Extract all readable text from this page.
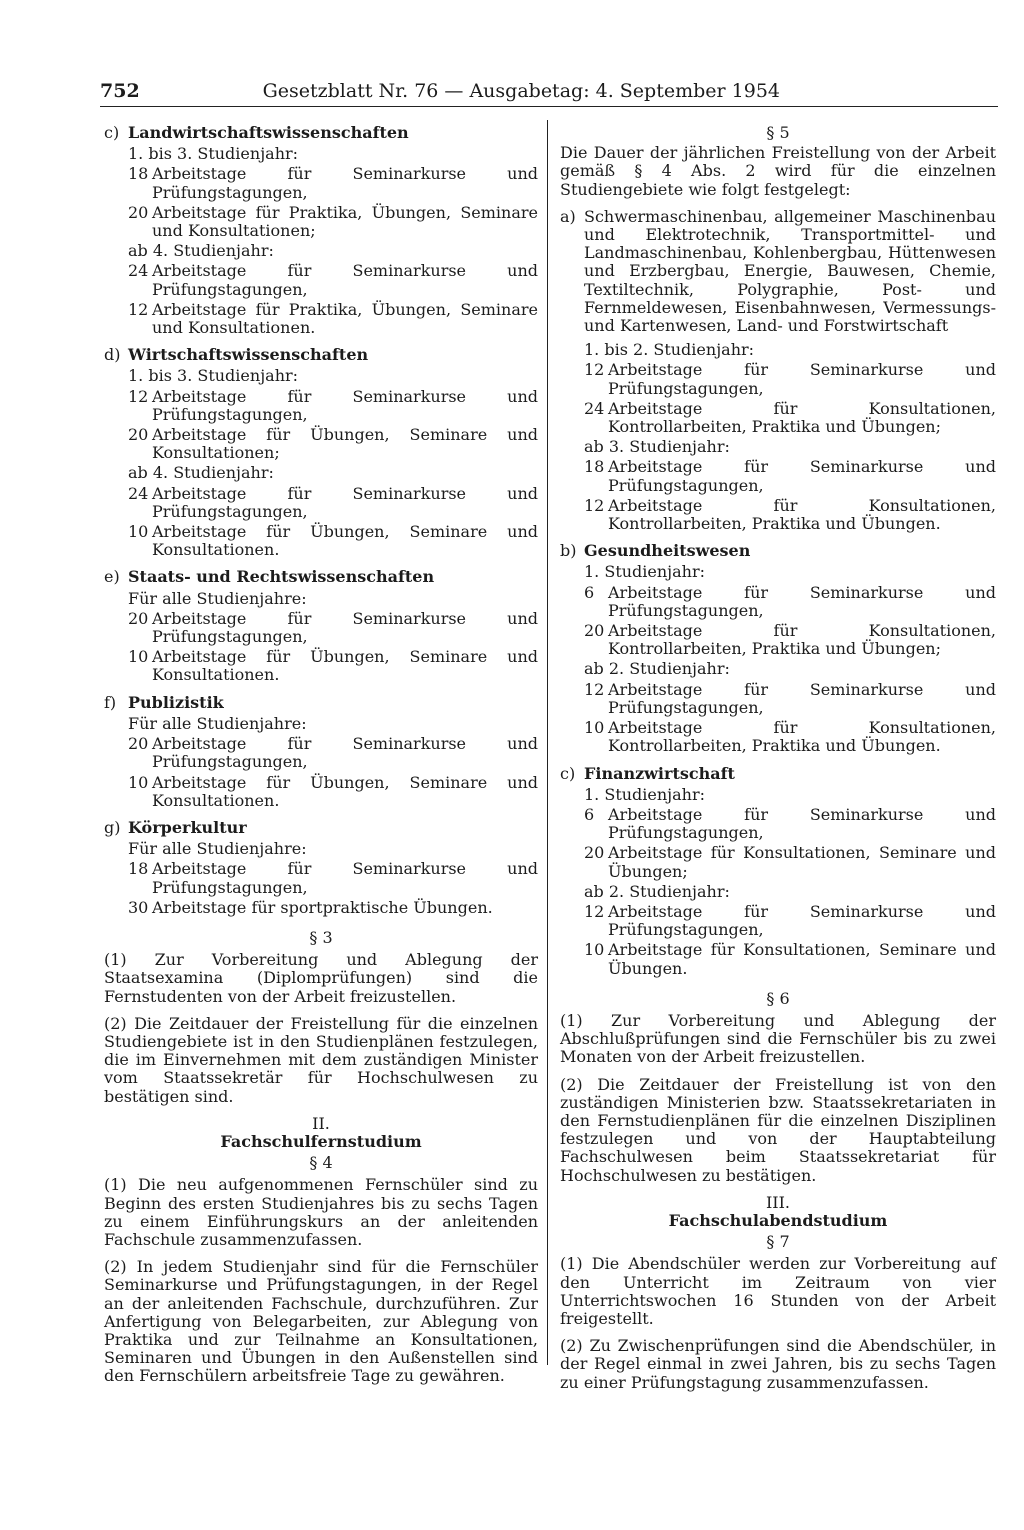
752	Gesetzblatt Nr. 76 — Ausgabetag: 4. September 1954
c) Landwirtschaftswissenschaften
1. bis 3. Studienjahr:
18 Arbeitstage für Seminarkurse und Prüfungstagungen,
20 Arbeitstage für Praktika, Übungen, Seminare und Konsultationen;
ab 4. Studienjahr:
24 Arbeitstage für Seminarkurse und Prüfungstagungen,
12 Arbeitstage für Praktika, Übungen, Seminare und Konsultationen.
d) Wirtschaftswissenschaften
1. bis 3. Studienjahr:
12 Arbeitstage für Seminarkurse und Prüfungstagungen,
20 Arbeitstage für Übungen, Seminare und Konsultationen;
ab 4. Studienjahr:
24 Arbeitstage für Seminarkurse und Prüfungstagungen,
10 Arbeitstage für Übungen, Seminare und Konsultationen.
e) Staats- und Rechtswissenschaften
Für alle Studienjahre:
20 Arbeitstage für Seminarkurse und Prüfungstagungen,
10 Arbeitstage für Übungen, Seminare und Konsultationen.
f) Publizistik
Für alle Studienjahre:
20 Arbeitstage für Seminarkurse und Prüfungstagungen,
10 Arbeitstage für Übungen, Seminare und Konsultationen.
g) Körperkultur
Für alle Studienjahre:
18 Arbeitstage für Seminarkurse und Prüfungstagungen,
30 Arbeitstage für sportpraktische Übungen.
§ 3

(1) Zur Vorbereitung und Ablegung der Staatsexamina (Diplomprüfungen) sind die Fernstudenten von der Arbeit freizustellen.

(2) Die Zeitdauer der Freistellung für die einzelnen Studiengebiete ist in den Studienplänen festzulegen, die im Einvernehmen mit dem zuständigen Minister vom Staatssekretär für Hochschulwesen zu bestätigen sind.

II.
Fachschulfernstudium
§ 4

(1) Die neu aufgenommenen Fernschüler sind zu Beginn des ersten Studienjahres bis zu sechs Tagen zu einem Einführungskurs an der anleitenden Fachschule zusammenzufassen.

(2) In jedem Studienjahr sind für die Fernschüler Seminarkurse und Prüfungstagungen, in der Regel an der anleitenden Fachschule, durchzuführen. Zur Anfertigung von Belegarbeiten, zur Ablegung von Praktika und zur Teilnahme an Konsultationen, Seminaren und Übungen in den Außenstellen sind den Fernschülern arbeitsfreie Tage zu gewähren.

§ 5

Die Dauer der jährlichen Freistellung von der Arbeit gemäß § 4 Abs. 2 wird für die einzelnen Studiengebiete wie folgt festgelegt:

a) Schwermaschinenbau, allgemeiner Maschinenbau und Elektrotechnik, Transportmittel- und Landmaschinenbau, Kohlenbergbau, Hüttenwesen und Erzbergbau, Energie, Bauwesen, Chemie, Textiltechnik, Polygraphie, Post- und Fernmeldewesen, Eisenbahnwesen, Vermessungs- und Kartenwesen, Land- und Forstwirtschaft
1. bis 2. Studienjahr:
12 Arbeitstage für Seminarkurse und Prüfungstagungen,
24 Arbeitstage für Konsultationen, Kontrollarbeiten, Praktika und Übungen;
ab 3. Studienjahr:
18 Arbeitstage für Seminarkurse und Prüfungstagungen,
12 Arbeitstage für Konsultationen, Kontrollarbeiten, Praktika und Übungen.
b) Gesundheitswesen
1. Studienjahr:
6 Arbeitstage für Seminarkurse und Prüfungstagungen,
20 Arbeitstage für Konsultationen, Kontrollarbeiten, Praktika und Übungen;
ab 2. Studienjahr:
12 Arbeitstage für Seminarkurse und Prüfungstagungen,
10 Arbeitstage für Konsultationen, Kontrollarbeiten, Praktika und Übungen.
c) Finanzwirtschaft
1. Studienjahr:
6 Arbeitstage für Seminarkurse und Prüfungstagungen,
20 Arbeitstage für Konsultationen, Seminare und Übungen;
ab 2. Studienjahr:
12 Arbeitstage für Seminarkurse und Prüfungstagungen,
10 Arbeitstage für Konsultationen, Seminare und Übungen.
§ 6

(1) Zur Vorbereitung und Ablegung der Abschlußprüfungen sind die Fernschüler bis zu zwei Monaten von der Arbeit freizustellen.

(2) Die Zeitdauer der Freistellung ist von den zuständigen Ministerien bzw. Staatssekretariaten in den Fernstudienplänen für die einzelnen Disziplinen festzulegen und von der Hauptabteilung Fachschulwesen beim Staatssekretariat für Hochschulwesen zu bestätigen.

III.
Fachschulabendstudium
§ 7

(1) Die Abendschüler werden zur Vorbereitung auf den Unterricht im Zeitraum von vier Unterrichtswochen 16 Stunden von der Arbeit freigestellt.

(2) Zu Zwischenprüfungen sind die Abendschüler, in der Regel einmal in zwei Jahren, bis zu sechs Tagen zu einer Prüfungstagung zusammenzufassen.
